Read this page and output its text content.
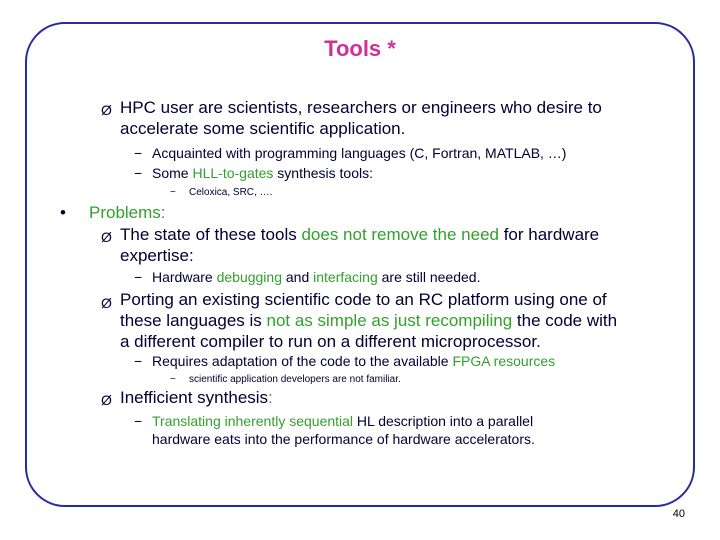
Tools *
Ø HPC user are scientists, researchers or engineers who desire to
accelerate some scientific application.
− Acquainted with programming languages (C, Fortran, MATLAB, …)
− Some HLL-to-gates synthesis tools:
− Celoxica, SRC, ….
• Problems:
Ø The state of these tools does not remove the need for hardware
expertise:
− Hardware debugging and interfacing are still needed.
Ø Porting an existing scientific code to an RC platform using one of
these languages is not as simple as just recompiling the code with
a different compiler to run on a different microprocessor.
− Requires adaptation of the code to the available FPGA resources
− scientific application developers are not familiar.
Ø Inefficient synthesis:
− Translating inherently sequential HL description into a parallel
hardware eats into the performance of hardware accelerators.
40
